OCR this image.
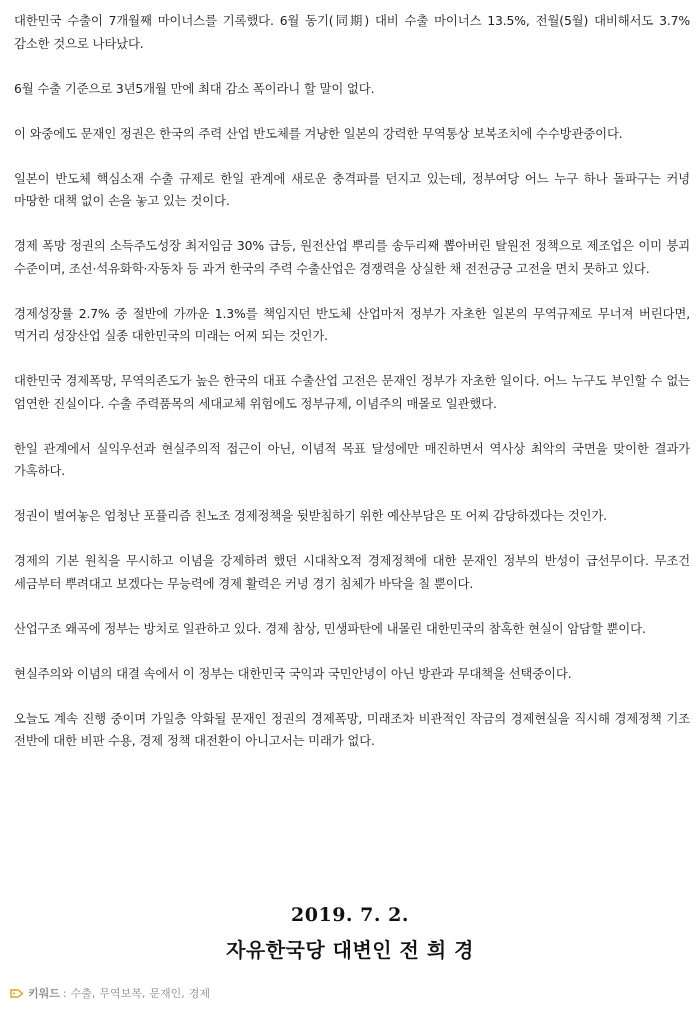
대한민국 수출이 7개월째 마이너스를 기록했다. 6월 동기(同期) 대비 수출 마이너스 13.5%, 전월(5월) 대비해서도 3.7% 감소한 것으로 나타났다.

6월 수출 기준으로 3년5개월 만에 최대 감소 폭이라니 할 말이 없다.

이 와중에도 문재인 정권은 한국의 주력 산업 반도체를 겨냥한 일본의 강력한 무역통상 보복조치에 수수방관중이다.

일본이 반도체 핵심소재 수출 규제로 한일 관계에 새로운 충격파를 던지고 있는데, 정부여당 어느 누구 하나 돌파구는 커녕 마땅한 대책 없이 손을 놓고 있는 것이다.

경제 폭망 정권의 소득주도성장 최저임금 30% 급등, 원전산업 뿌리를 송두리째 뽑아버린 탈원전 정책으로 제조업은 이미 붕괴 수준이며, 조선·석유화학·자동차 등 과거 한국의 주력 수출산업은 경쟁력을 상실한 채 전전긍긍 고전을 면치 못하고 있다.

경제성장률 2.7% 중 절반에 가까운 1.3%를 책임지던 반도체 산업마저 정부가 자초한 일본의 무역규제로 무너져 버린다면, 먹거리 성장산업 실종 대한민국의 미래는 어찌 되는 것인가.

대한민국 경제폭망, 무역의존도가 높은 한국의 대표 수출산업 고전은 문재인 정부가 자초한 일이다. 어느 누구도 부인할 수 없는 엄연한 진실이다. 수출 주력품목의 세대교체 위험에도 정부규제, 이념주의 매몰로 일관했다.

한일 관계에서 실익우선과 현실주의적 접근이 아닌, 이념적 목표 달성에만 매진하면서 역사상 최악의 국면을 맞이한 결과가 가혹하다.

정권이 벌여놓은 엄청난 포퓰리즘 친노조 경제정책을 뒷받침하기 위한 예산부담은 또 어찌 감당하겠다는 것인가.

경제의 기본 원칙을 무시하고 이념을 강제하려 했던 시대착오적 경제정책에 대한 문재인 정부의 반성이 급선무이다. 무조건 세금부터 뿌려대고 보겠다는 무능력에 경제 활력은 커녕 경기 침체가 바닥을 칠 뿐이다.

산업구조 왜곡에 정부는 방치로 일관하고 있다. 경제 참상, 민생파탄에 내몰린 대한민국의 참혹한 현실이 암담할 뿐이다.

현실주의와 이념의 대결 속에서 이 정부는 대한민국 국익과 국민안녕이 아닌 방관과 무대책을 선택중이다.

오늘도 계속 진행 중이며 가일층 악화될 문재인 정권의 경제폭망, 미래조차 비관적인 작금의 경제현실을 직시해 경제정책 기조 전반에 대한 비판 수용, 경제 정책 대전환이 아니고서는 미래가 없다.

2019. 7. 2.
자유한국당 대변인 전 희 경
키워드 : 수출 , 무역보복 , 문재인 , 경제
